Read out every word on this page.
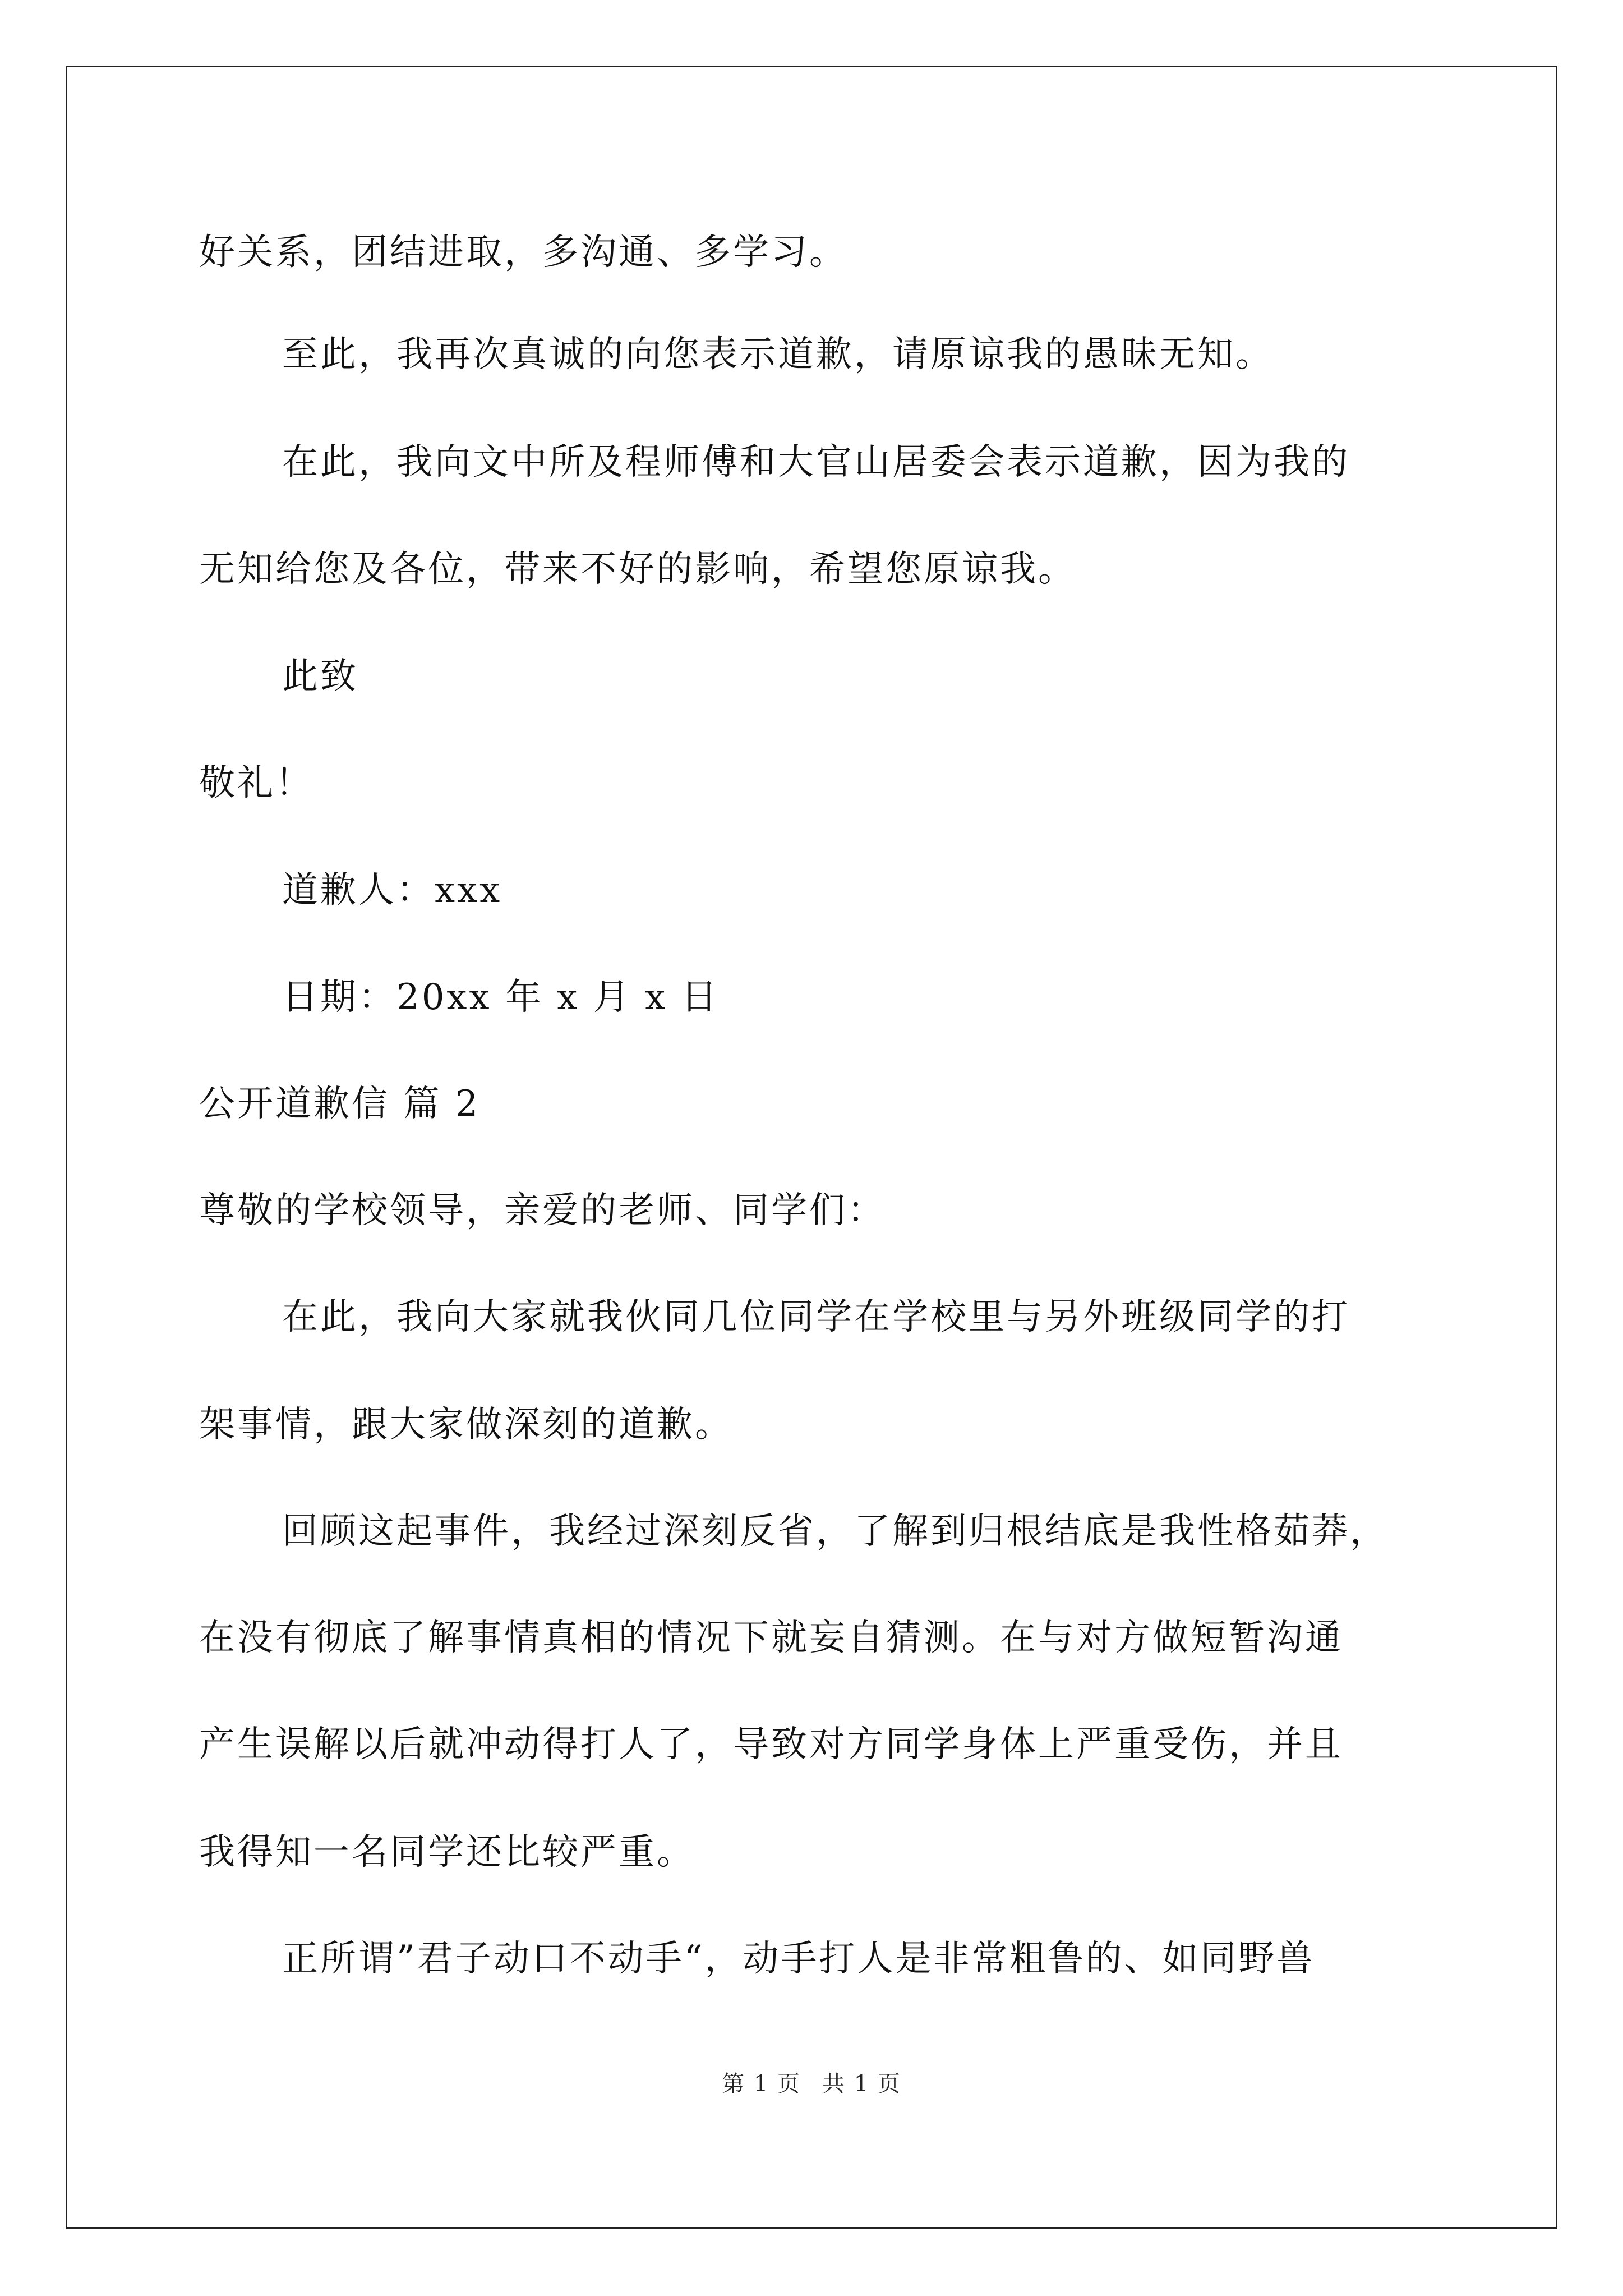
好关系，团结进取，多沟通、多学习。
至此，我再次真诚的向您表示道歉，请原谅我的愚昧无知。
在此，我向文中所及程师傅和大官山居委会表示道歉，因为我的
无知给您及各位，带来不好的影响，希望您原谅我。
此致
敬礼！
道歉人：xxx
日期：20xx 年 x 月 x 日
公开道歉信 篇 2
尊敬的学校领导，亲爱的老师、同学们：
在此，我向大家就我伙同几位同学在学校里与另外班级同学的打
架事情，跟大家做深刻的道歉。
回顾这起事件，我经过深刻反省，了解到归根结底是我性格茹莽，
在没有彻底了解事情真相的情况下就妄自猜测。在与对方做短暂沟通
产生误解以后就冲动得打人了，导致对方同学身体上严重受伤，并且
我得知一名同学还比较严重。
正所谓”君子动口不动手“，动手打人是非常粗鲁的、如同野兽
第 1 页 共 1 页
